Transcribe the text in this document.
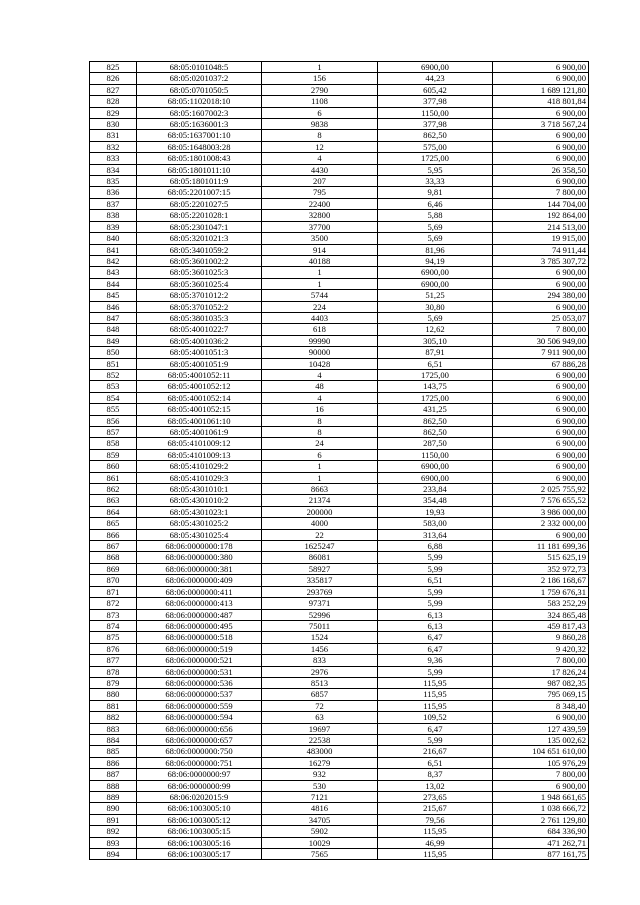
825	68:05:0101048:5	1	6900,00	6 900,00
826	68:05:0201037:2	156	44,23	6 900,00
827	68:05:0701050:5	2790	605,42	1 689 121,80
828	68:05:1102018:10	1108	377,98	418 801,84
829	68:05:1607002:3	6	1150,00	6 900,00
830	68:05:1636001:3	9838	377,98	3 718 567,24
831	68:05:1637001:10	8	862,50	6 900,00
832	68:05:1648003:28	12	575,00	6 900,00
833	68:05:1801008:43	4	1725,00	6 900,00
834	68:05:1801011:10	4430	5,95	26 358,50
835	68:05:1801011:9	207	33,33	6 900,00
836	68:05:2201007:15	795	9,81	7 800,00
837	68:05:2201027:5	22400	6,46	144 704,00
838	68:05:2201028:1	32800	5,88	192 864,00
839	68:05:2301047:1	37700	5,69	214 513,00
840	68:05:3201021:3	3500	5,69	19 915,00
841	68:05:3401059:2	914	81,96	74 911,44
842	68:05:3601002:2	40188	94,19	3 785 307,72
843	68:05:3601025:3	1	6900,00	6 900,00
844	68:05:3601025:4	1	6900,00	6 900,00
845	68:05:3701012:2	5744	51,25	294 380,00
846	68:05:3701052:2	224	30,80	6 900,00
847	68:05:3801035:3	4403	5,69	25 053,07
848	68:05:4001022:7	618	12,62	7 800,00
849	68:05:4001036:2	99990	305,10	30 506 949,00
850	68:05:4001051:3	90000	87,91	7 911 900,00
851	68:05:4001051:9	10428	6,51	67 886,28
852	68:05:4001052:11	4	1725,00	6 900,00
853	68:05:4001052:12	48	143,75	6 900,00
854	68:05:4001052:14	4	1725,00	6 900,00
855	68:05:4001052:15	16	431,25	6 900,00
856	68:05:4001061:10	8	862,50	6 900,00
857	68:05:4001061:9	8	862,50	6 900,00
858	68:05:4101009:12	24	287,50	6 900,00
859	68:05:4101009:13	6	1150,00	6 900,00
860	68:05:4101029:2	1	6900,00	6 900,00
861	68:05:4101029:3	1	6900,00	6 900,00
862	68:05:4301010:1	8663	233,84	2 025 755,92
863	68:05:4301010:2	21374	354,48	7 576 655,52
864	68:05:4301023:1	200000	19,93	3 986 000,00
865	68:05:4301025:2	4000	583,00	2 332 000,00
866	68:05:4301025:4	22	313,64	6 900,00
867	68:06:0000000:178	1625247	6,88	11 181 699,36
868	68:06:0000000:380	86081	5,99	515 625,19
869	68:06:0000000:381	58927	5,99	352 972,73
870	68:06:0000000:409	335817	6,51	2 186 168,67
871	68:06:0000000:411	293769	5,99	1 759 676,31
872	68:06:0000000:413	97371	5,99	583 252,29
873	68:06:0000000:487	52996	6,13	324 865,48
874	68:06:0000000:495	75011	6,13	459 817,43
875	68:06:0000000:518	1524	6,47	9 860,28
876	68:06:0000000:519	1456	6,47	9 420,32
877	68:06:0000000:521	833	9,36	7 800,00
878	68:06:0000000:531	2976	5,99	17 826,24
879	68:06:0000000:536	8513	115,95	987 082,35
880	68:06:0000000:537	6857	115,95	795 069,15
881	68:06:0000000:559	72	115,95	8 348,40
882	68:06:0000000:594	63	109,52	6 900,00
883	68:06:0000000:656	19697	6,47	127 439,59
884	68:06:0000000:657	22538	5,99	135 002,62
885	68:06:0000000:750	483000	216,67	104 651 610,00
886	68:06:0000000:751	16279	6,51	105 976,29
887	68:06:0000000:97	932	8,37	7 800,00
888	68:06:0000000:99	530	13,02	6 900,00
889	68:06:0202015:9	7121	273,65	1 948 661,65
890	68:06:1003005:10	4816	215,67	1 038 666,72
891	68:06:1003005:12	34705	79,56	2 761 129,80
892	68:06:1003005:15	5902	115,95	684 336,90
893	68:06:1003005:16	10029	46,99	471 262,71
894	68:06:1003005:17	7565	115,95	877 161,75
